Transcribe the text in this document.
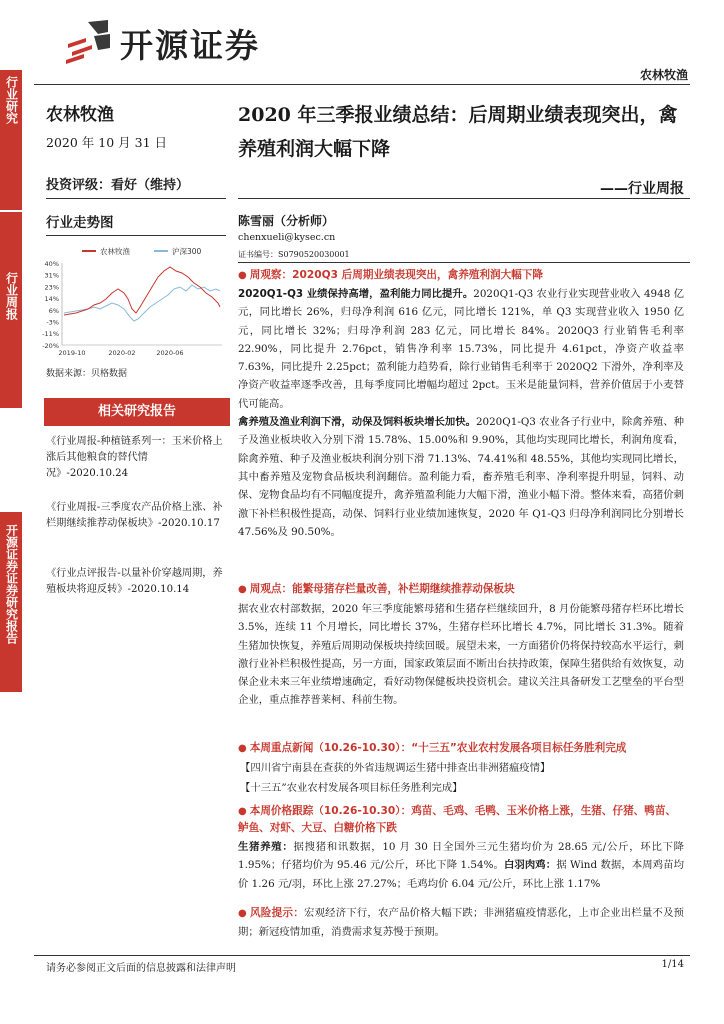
开源证券
农林牧渔
行业研究
行业周报
开源证券证券研究报告
农林牧渔
2020 年 10 月 31 日
投资评级：看好（维持）
行业走势图
农林牧渔	沪深300
40%
31%
23%
14%
6%
-3%
-11%
-20%
2019-10	2020-02	2020-06
数据来源：贝格数据
相关研究报告
《行业周报-种植链系列一：玉米价格上涨后其他粮食的替代情况》-2020.10.24
《行业周报-三季度农产品价格上涨、补栏期继续推荐动保板块》-2020.10.17
《行业点评报告-以量补价穿越周期，养殖板块将迎反转》-2020.10.14
2020 年三季报业绩总结：后周期业绩表现突出，禽
养殖利润大幅下降
——行业周报
陈雪丽（分析师）
chenxueli@kysec.cn
证书编号：S0790520030001
● 周观察：2020Q3 后周期业绩表现突出，禽养殖利润大幅下降
2020Q1-Q3 业绩保持高增，盈利能力同比提升。2020Q1-Q3 农业行业实现营业收入 4948 亿元，同比增长 26%，归母净利润 616 亿元，同比增长 121%，单 Q3 实现营业收入 1950 亿元，同比增长 32%；归母净利润 283 亿元，同比增长 84%。2020Q3 行业销售毛利率 22.90%，同比提升 2.76pct，销售净利率 15.73%，同比提升 4.61pct，净资产收益率 7.63%，同比提升 2.25pct；盈利能力趋势看，除行业销售毛利率于 2020Q2 下滑外，净利率及净资产收益率逐季改善，且每季度同比增幅均超过 2pct。玉米是能量饲料，营养价值居于小麦替代可能高。
禽养殖及渔业利润下滑，动保及饲料板块增长加快。2020Q1-Q3 农业各子行业中，除禽养殖、种子及渔业板块收入分别下滑 15.78%、15.00%和 9.90%，其他均实现同比增长，利润角度看，除禽养殖、种子及渔业板块利润分别下滑 71.13%、74.41%和 48.55%，其他均实现同比增长，其中畜养殖及宠物食品板块利润翻倍。盈利能力看，畜养殖毛利率、净利率提升明显，饲料、动保、宠物食品均有不同幅度提升，禽养殖盈利能力大幅下滑，渔业小幅下滑。整体来看，高猪价刺激下补栏积极性提高，动保、饲料行业业绩加速恢复，2020 年 Q1-Q3 归母净利润同比分别增长 47.56%及 90.50%。
● 周观点：能繁母猪存栏量改善，补栏期继续推荐动保板块
据农业农村部数据，2020 年三季度能繁母猪和生猪存栏继续回升，8 月份能繁母猪存栏环比增长 3.5%，连续 11 个月增长，同比增长 37%，生猪存栏环比增长 4.7%，同比增长 31.3%。随着生猪加快恢复，养殖后周期动保板块持续回暖。展望未来，一方面猪价仍将保持较高水平运行，刺激行业补栏积极性提高，另一方面，国家政策层面不断出台扶持政策，保障生猪供给有效恢复，动保企业未来三年业绩增速确定，看好动物保健板块投资机会。建议关注具备研发工艺壁垒的平台型企业，重点推荐普莱柯、科前生物。
● 本周重点新闻（10.26-10.30）：“十三五”农业农村发展各项目标任务胜利完成
【四川省宁南县在查获的外省违规调运生猪中排查出非洲猪瘟疫情】
【十三五”农业农村发展各项目标任务胜利完成】
● 本周价格跟踪（10.26-10.30）：鸡苗、毛鸡、毛鸭、玉米价格上涨，生猪、仔猪、鸭苗、鲈鱼、对虾、大豆、白糖价格下跌
生猪养殖：据搜猪和讯数据，10 月 30 日全国外三元生猪均价为 28.65 元/公斤，环比下降 1.95%；仔猪均价为 95.46 元/公斤，环比下降 1.54%。白羽肉鸡：据 Wind 数据，本周鸡苗均价 1.26 元/羽，环比上涨 27.27%；毛鸡均价 6.04 元/公斤，环比上涨 1.17%
● 风险提示：宏观经济下行，农产品价格大幅下跌；非洲猪瘟疫情恶化，上市企业出栏量不及预期；新冠疫情加重，消费需求复苏慢于预期。
请务必参阅正文后面的信息披露和法律声明	1/14
